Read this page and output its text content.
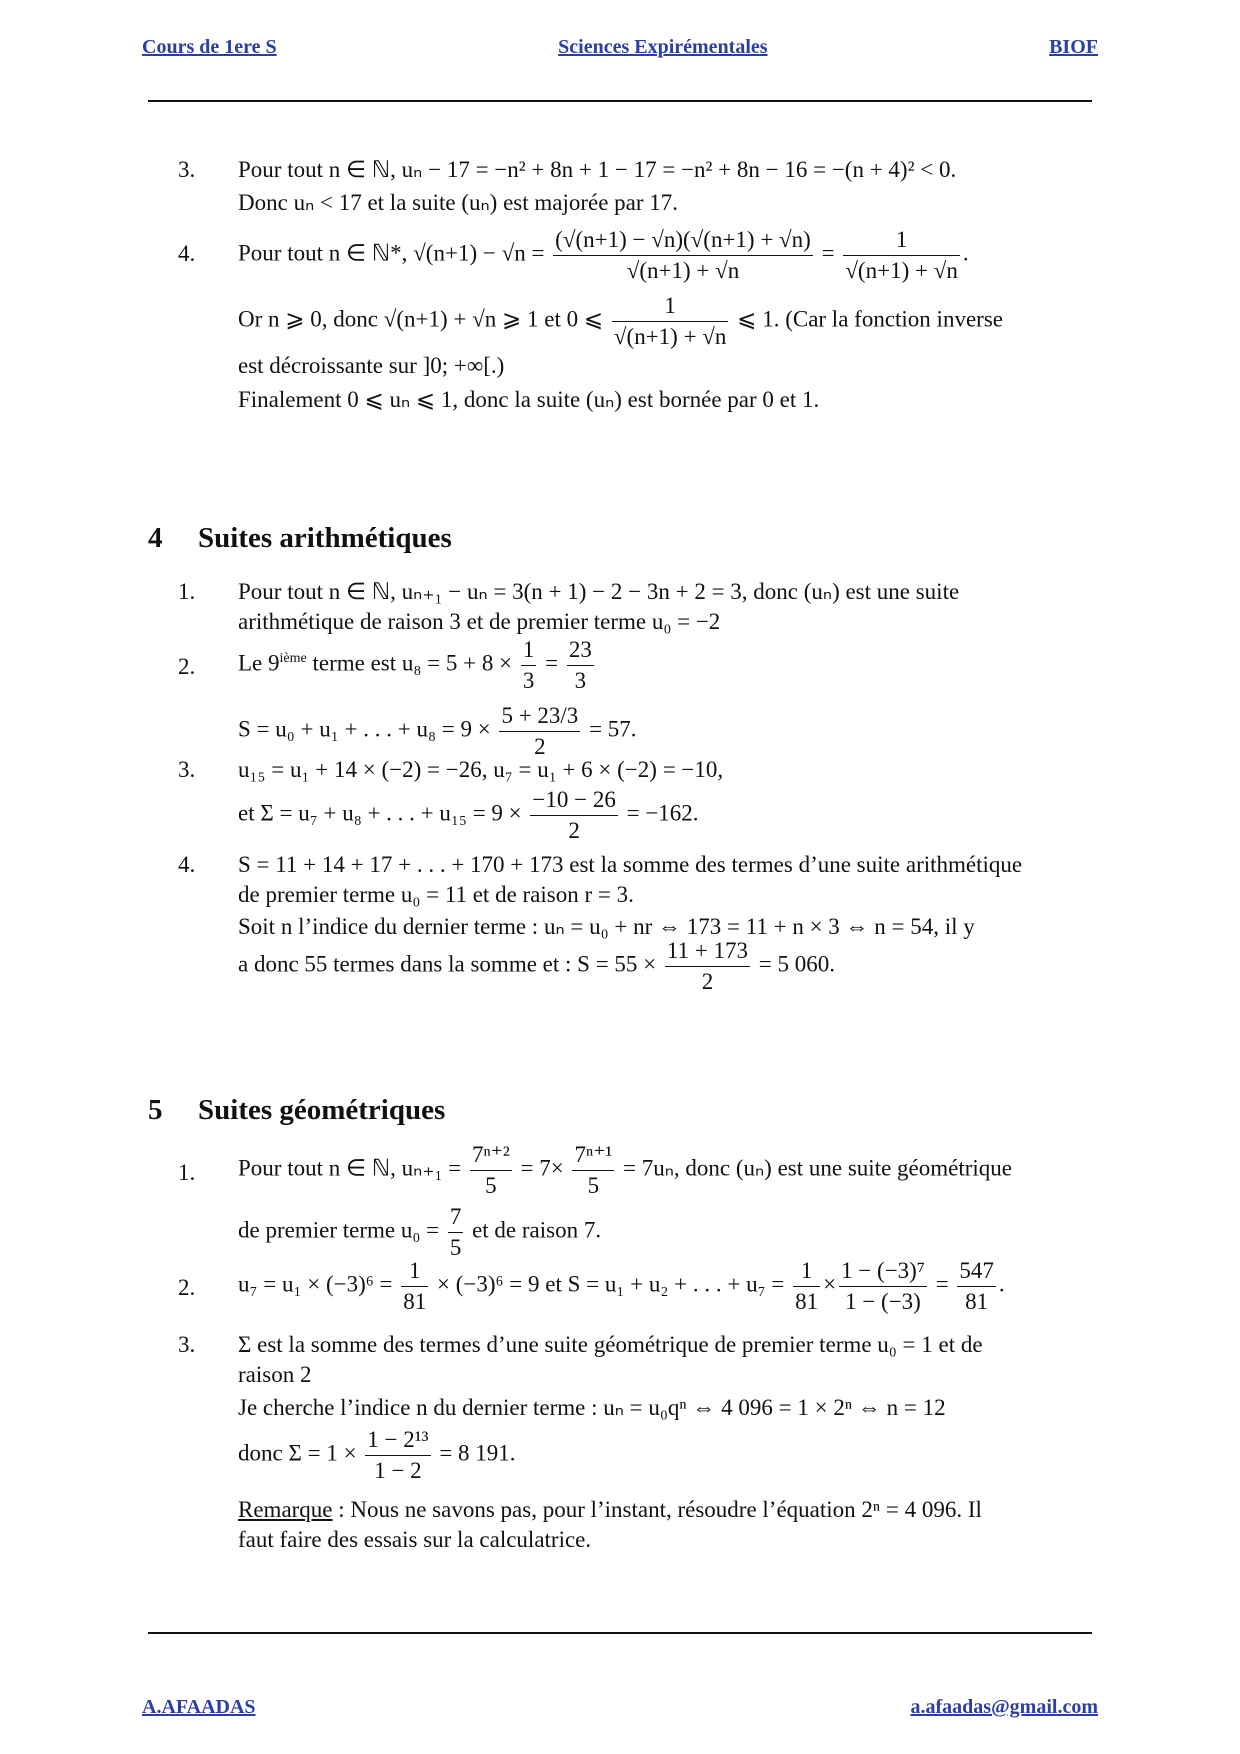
Cours de 1ere S	Sciences Expirémentales	BIOF
3.	Pour tout n ∈ ℕ, uₙ − 17 = −n² + 8n + 1 − 17 = −n² + 8n − 16 = −(n + 4)² < 0.
Donc uₙ < 17 et la suite (uₙ) est majorée par 17.
4.	Pour tout n ∈ ℕ*, $√(n+1) - √n = \frac{(√(n+1) - √n)(√(n+1) + √n)}{√(n+1) + √n} = \frac{1}{√(n+1) + √n}$ .
Or n ⩾ 0, donc √(n+1) + √n ⩾ 1 et 0 ⩽ $\frac{1}{√(n+1) + √n}$ ⩽ 1. (Car la fonction inverse
est décroissante sur ]0; +∞[.)
Finalement 0 ⩽ uₙ ⩽ 1, donc la suite (uₙ) est bornée par 0 et 1.
4 Suites arithmétiques
1.	Pour tout n ∈ ℕ, uₙ₊₁ − uₙ = 3(n + 1) − 2 − 3n + 2 = 3, donc (uₙ) est une suite
arithmétique de raison 3 et de premier terme u₀ = −2
2.	Le 9ième terme est $u_8 = 5 + 8 \times \frac{1}{3} = \frac{23}{3}$
S = u₀ + u₁ + . . . + $u_8 = 9 \times \frac{5 + 23/3}{2} = 57$.
3.	u₁₅ = u₁ + 14 × (−2) = −26, u₇ = u₁ + 6 × (−2) = −10,
et Σ = u₇ + u₈ + . . . + $u_{15} = 9 \times \frac{-10 - 26}{2} = -162$.
4.	S = 11 + 14 + 17 + . . . + 170 + 173 est la somme des termes d’une suite arithmétique
de premier terme u₀ = 11 et de raison r = 3.
Soit n l’indice du dernier terme : uₙ = u₀ + nr ⇔ 173 = 11 + n × 3 ⇔ n = 54, il y
a donc 55 termes dans la somme et : $S = 55 \times \frac{11 + 173}{2} = 5$ 060.
5 Suites géométriques
1.	Pour tout n ∈ ℕ, $u_{n+1} = \frac{\text{7ⁿ⁺²}}{5} = 7\times \frac{\text{7ⁿ⁺¹}}{5} = 7u_n$, donc (uₙ) est une suite géométrique
de premier terme $u_0 = \frac{7}{5}$ et de raison 7.
2.	$u_7 = u_1 \times (-3)^6 = \frac{1}{81} \times (-3)^6 = 9$ et S = u₁ + u₂ + . . . + $u_7 = \frac{1}{81} \times \frac{\text{1 − (−3)⁷}}{1 - (-3)} = \frac{547}{81}$ .
3.	Σ est la somme des termes d’une suite géométrique de premier terme u₀ = 1 et de
raison 2
Je cherche l’indice n du dernier terme : uₙ = u₀qⁿ ⇔ 4 096 = 1 × 2ⁿ ⇔ n = 12
donc $\Sigma = 1 \times \frac{\text{1 − 2¹³}}{1 - 2} = 8$ 191.
Remarque : Nous ne savons pas, pour l’instant, résoudre l’équation 2ⁿ = 4 096. Il
faut faire des essais sur la calculatrice.
A.AFAADAS	a.afaadas@gmail.com
